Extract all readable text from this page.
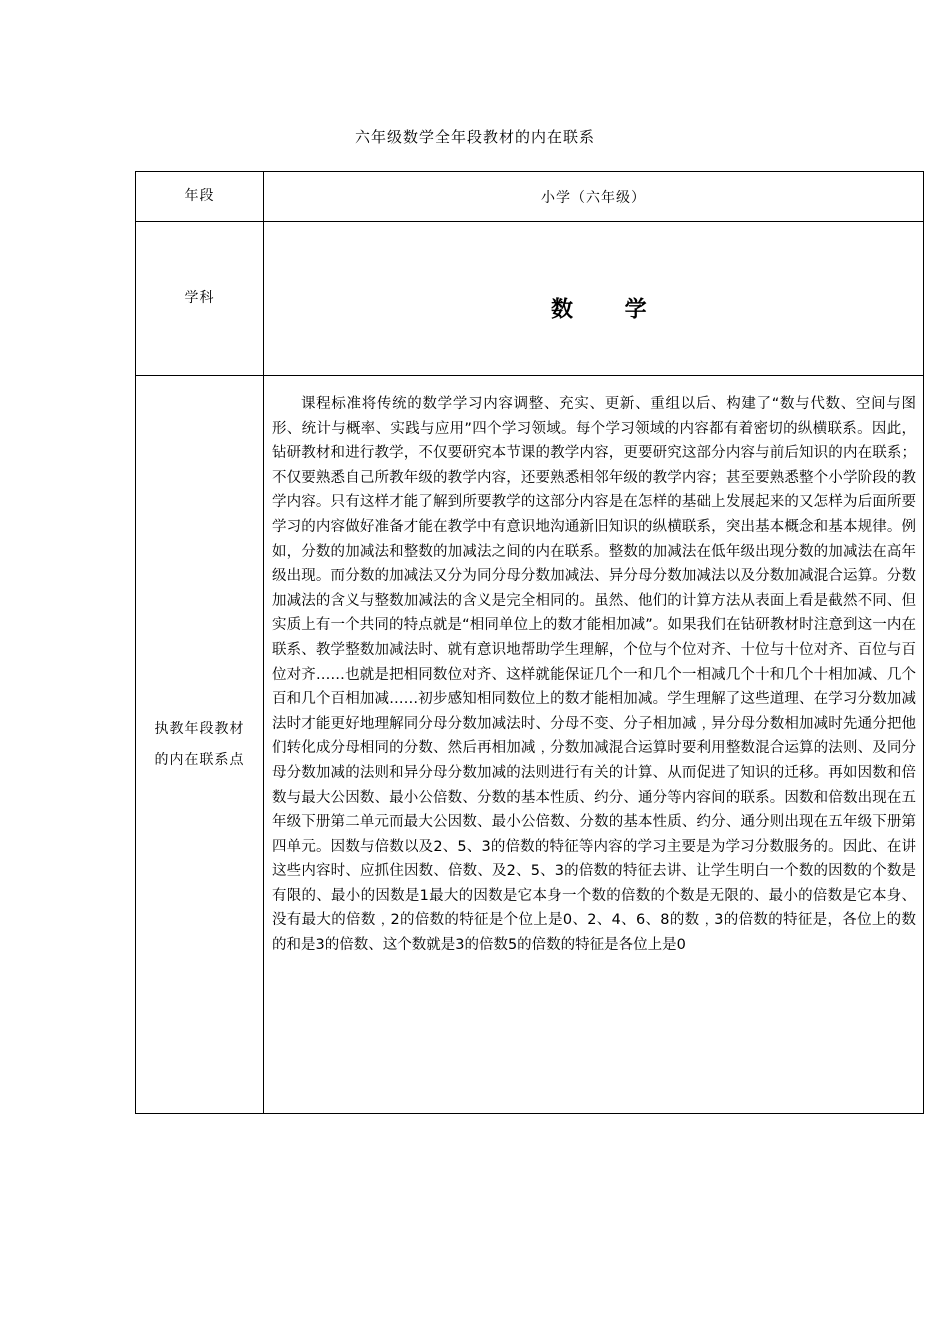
六年级数学全年段教材的内在联系
年段	小学（六年级）

学科	数 学

执教年段教材
的内在联系点	课程标准将传统的数学学习内容调整、充实、更新、重组以后、构建了“数与代数、空间与图形、统计与概率、实践与应用”四个学习领域。每个学习领域的内容都有着密切的纵横联系。因此，钻研教材和进行教学，不仅要研究本节课的教学内容，更要研究这部分内容与前后知识的内在联系；不仅要熟悉自己所教年级的教学内容，还要熟悉相邻年级的教学内容；甚至要熟悉整个小学阶段的教学内容。只有这样才能了解到所要教学的这部分内容是在怎样的基础上发展起来的又怎样为后面所要学习的内容做好准备才能在教学中有意识地沟通新旧知识的纵横联系，突出基本概念和基本规律。例如，分数的加减法和整数的加减法之间的内在联系。整数的加减法在低年级出现分数的加减法在高年级出现。而分数的加减法又分为同分母分数加减法、异分母分数加减法以及分数加减混合运算。分数加减法的含义与整数加减法的含义是完全相同的。虽然、他们的计算方法从表面上看是截然不同、但实质上有一个共同的特点就是“相同单位上的数才能相加减”。如果我们在钻研教材时注意到这一内在联系、教学整数加减法时、就有意识地帮助学生理解，个位与个位对齐、十位与十位对齐、百位与百位对齐……也就是把相同数位对齐、这样就能保证几个一和几个一相减几个十和几个十相加减、几个百和几个百相加减……初步感知相同数位上的数才能相加减。学生理解了这些道理、在学习分数加减法时才能更好地理解同分母分数加减法时、分母不变、分子相加减﹐异分母分数相加减时先通分把他们转化成分母相同的分数、然后再相加减﹐分数加减混合运算时要利用整数混合运算的法则、及同分母分数加减的法则和异分母分数加减的法则进行有关的计算、从而促进了知识的迁移。再如因数和倍数与最大公因数、最小公倍数、分数的基本性质、约分、通分等内容间的联系。因数和倍数出现在五年级下册第二单元而最大公因数、最小公倍数、分数的基本性质、约分、通分则出现在五年级下册第四单元。因数与倍数以及2、5、3的倍数的特征等内容的学习主要是为学习分数服务的。因此、在讲这些内容时、应抓住因数、倍数、及2、5、3的倍数的特征去讲、让学生明白一个数的因数的个数是有限的、最小的因数是1最大的因数是它本身一个数的倍数的个数是无限的、最小的倍数是它本身、没有最大的倍数﹐2的倍数的特征是个位上是0、2、4、6、8的数﹐3的倍数的特征是，各位上的数的和是3的倍数、这个数就是3的倍数5的倍数的特征是各位上是0
